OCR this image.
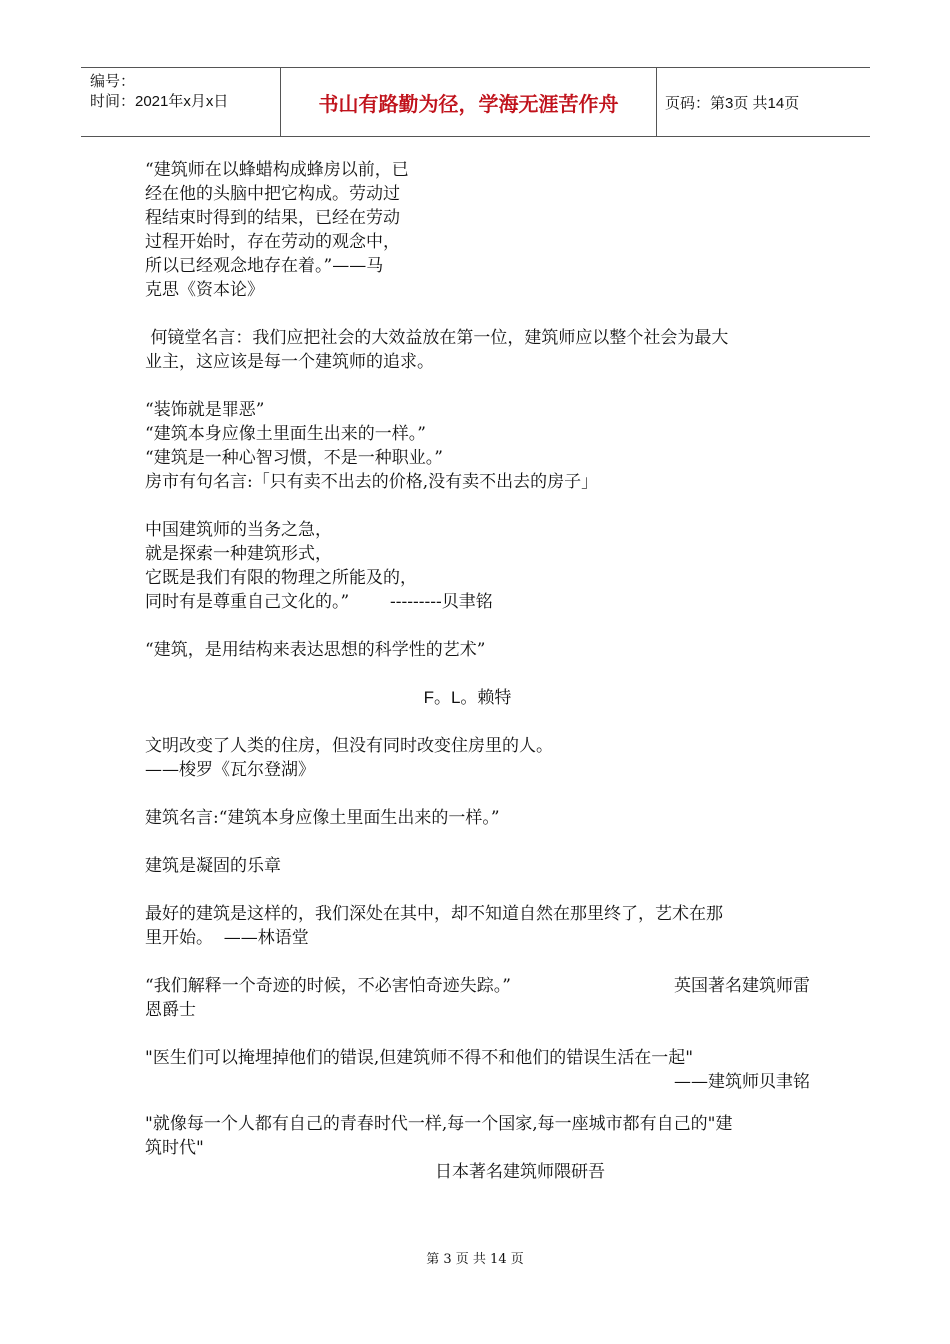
编号：
时间：2021年x月x日	书山有路勤为径，学海无涯苦作舟	页码：第3页 共14页

“建筑师在以蜂蜡构成蜂房以前，已

经在他的头脑中把它构成。劳动过

程结束时得到的结果，已经在劳动

过程开始时，存在劳动的观念中，

所以已经观念地存在着。”——马

克思《资本论》

何镜堂名言：我们应把社会的大效益放在第一位，建筑师应以整个社会为最大

业主，这应该是每一个建筑师的追求。

“装饰就是罪恶”

“建筑本身应像土里面生出来的一样。”

“建筑是一种心智习惯，不是一种职业。”

房市有句名言:「只有卖不出去的价格,没有卖不出去的房子」

中国建筑师的当务之急，

就是探索一种建筑形式，

它既是我们有限的物理之所能及的，

同时有是尊重自己文化的。” ---------贝聿铭

“建筑，是用结构来表达思想的科学性的艺术”

F。L。赖特

文明改变了人类的住房，但没有同时改变住房里的人。

——梭罗《瓦尔登湖》

建筑名言:“建筑本身应像土里面生出来的一样。”

建筑是凝固的乐章

最好的建筑是这样的，我们深处在其中，却不知道自然在那里终了，艺术在那

里开始。  ——林语堂

“我们解释一个奇迹的时候，不必害怕奇迹失踪。”	英国著名建筑师雷

恩爵士

"医生们可以掩埋掉他们的错误,但建筑师不得不和他们的错误生活在一起"

——建筑师贝聿铭

"就像每一个人都有自己的青春时代一样,每一个国家,每一座城市都有自己的"建

筑时代"

日本著名建筑师隈研吾

第 3 页 共 14 页
